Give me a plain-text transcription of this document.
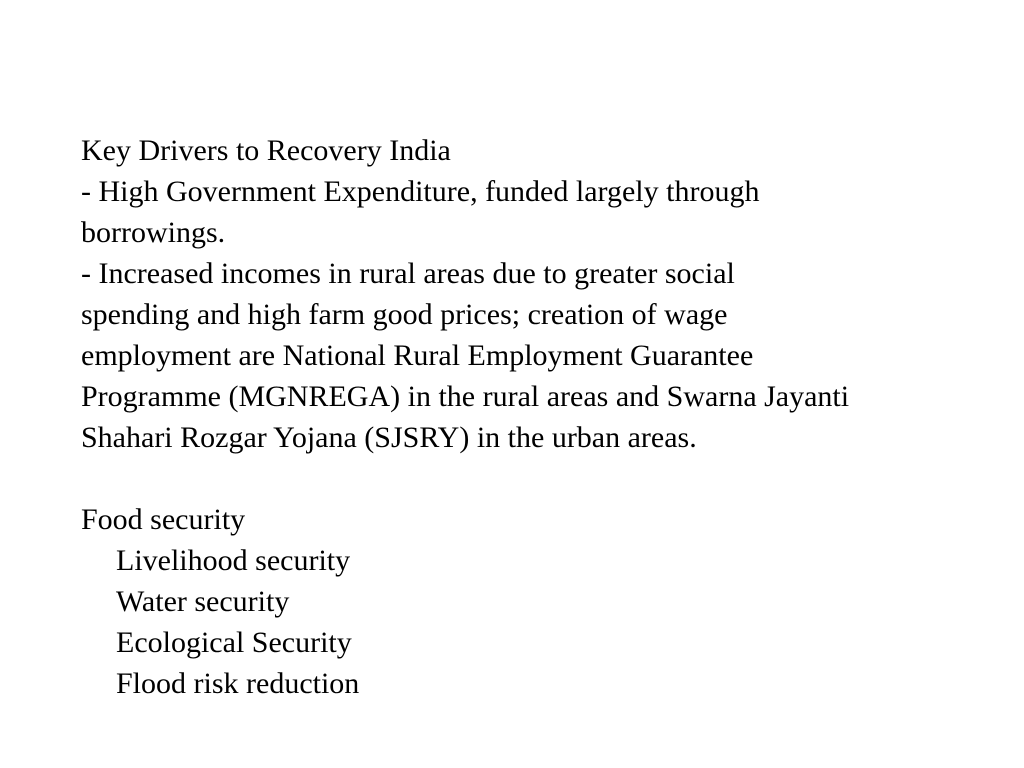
Key Drivers to Recovery India
- High Government Expenditure, funded largely through
borrowings.
- Increased incomes in rural areas due to greater social
spending and high farm good prices; creation of wage
employment are National Rural Employment Guarantee
Programme (MGNREGA) in the rural areas and Swarna Jayanti
Shahari Rozgar Yojana (SJSRY) in the urban areas.
Food security
Livelihood security
Water security
Ecological Security
Flood risk reduction
